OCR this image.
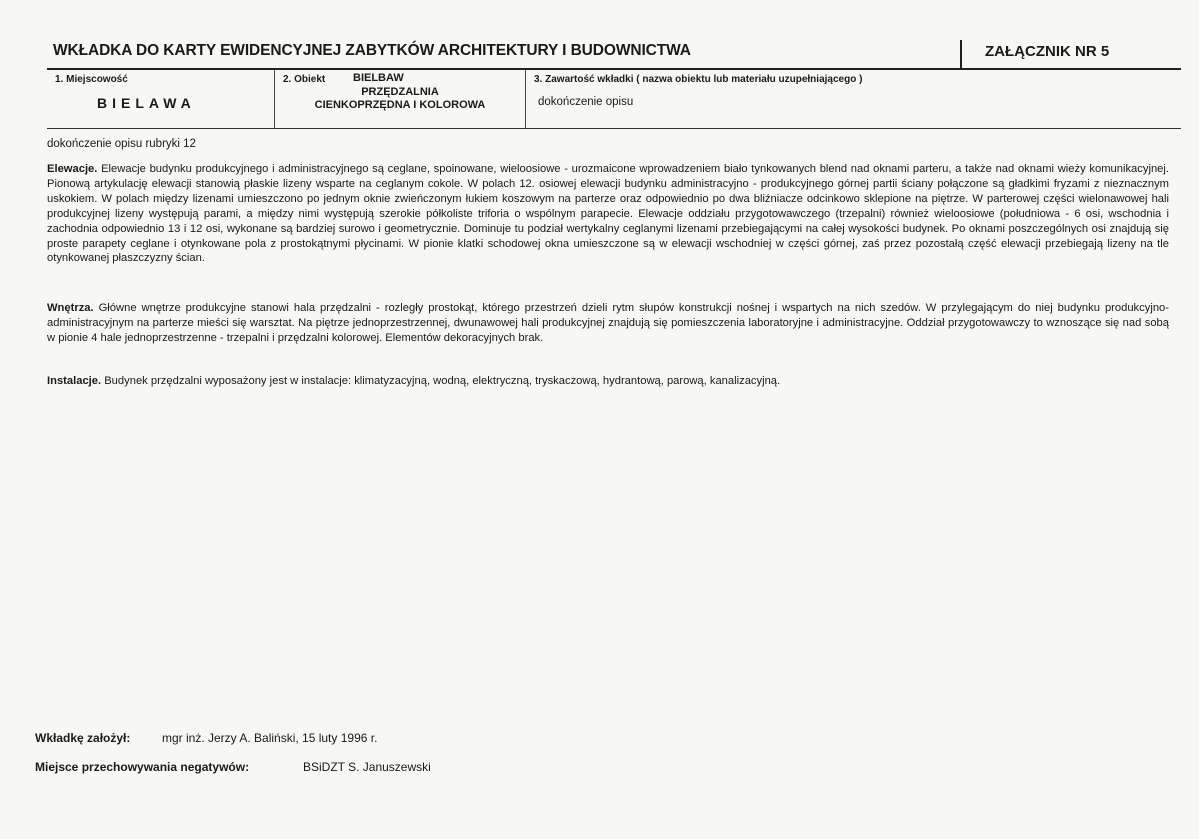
WKŁADKA DO KARTY EWIDENCYJNEJ ZABYTKÓW ARCHITEKTURY I BUDOWNICTWA	ZAŁĄCZNIK NR 5
1. Miejscowość
BIELAWA
2. Obiekt	BIELBAW
PRZĘDZALNIA
CIENKOPRZĘDNA I KOLOROWA
3. Zawartość wkładki ( nazwa obiektu lub materiału uzupełniającego )
dokończenie opisu
dokończenie opisu rubryki 12
Elewacje. Elewacje budynku produkcyjnego i administracyjnego są ceglane, spoinowane, wieloosiowe - urozmaicone wprowadzeniem biało tynkowanych blend nad oknami parteru, a także nad oknami wieży komunikacyjnej. Pionową artykulację elewacji stanowią płaskie lizeny wsparte na ceglanym cokole. W polach 12. osiowej elewacji budynku administracyjno - produkcyjnego górnej partii ściany połączone są gładkimi fryzami z nieznacznym uskokiem. W polach między lizenami umieszczono po jednym oknie zwieńczonym łukiem koszowym na parterze oraz odpowiednio po dwa bliźniacze odcinkowo sklepione na piętrze. W parterowej części wielonawowej hali produkcyjnej lizeny występują parami, a między nimi występują szerokie półkoliste triforia o wspólnym parapecie. Elewacje oddziału przygotowawczego (trzepalni) również wieloosiowe (południowa - 6 osi, wschodnia i zachodnia odpowiednio 13 i 12 osi, wykonane są bardziej surowo i geometrycznie. Dominuje tu podział wertykalny ceglanymi lizenami przebiegającymi na całej wysokości budynek. Po oknami poszczególnych osi znajdują się proste parapety ceglane i otynkowane pola z prostokątnymi płycinami. W pionie klatki schodowej okna umieszczone są w elewacji wschodniej w części górnej, zaś przez pozostałą część elewacji przebiegają lizeny na tle otynkowanej płaszczyzny ścian.
Wnętrza. Główne wnętrze produkcyjne stanowi hala przędzalni - rozległy prostokąt, którego przestrzeń dzieli rytm słupów konstrukcji nośnej i wspartych na nich szedów. W przylegającym do niej budynku produkcyjno-administracyjnym na parterze mieści się warsztat. Na piętrze jednoprzestrzennej, dwunawowej hali produkcyjnej znajdują się pomieszczenia laboratoryjne i administracyjne. Oddział przygotowawczy to wznoszące się nad sobą w pionie 4 hale jednoprzestrzenne - trzepalni i przędzalni kolorowej. Elementów dekoracyjnych brak.
Instalacje. Budynek przędzalni wyposażony jest w instalacje: klimatyzacyjną, wodną, elektryczną, tryskaczową, hydrantową, parową, kanalizacyjną.
Wkładkę założył:	mgr inż. Jerzy A. Baliński, 15 luty 1996 r.
Miejsce przechowywania negatywów:	BSiDZT S. Januszewski
